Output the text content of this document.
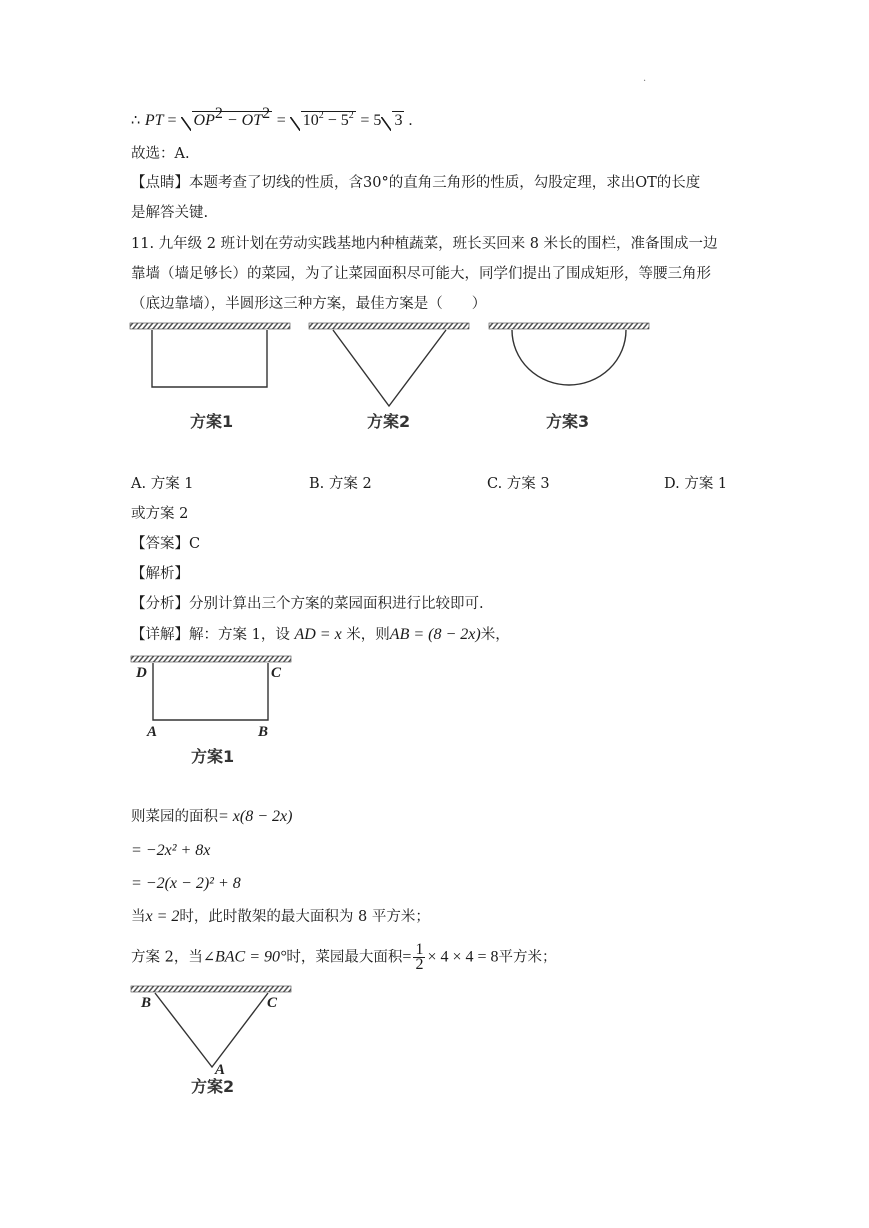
.
∴ PT = $OP^2 - OT^2 = 10^2 - 5^2 = 5$ 3 .
故选：A.
【点睛】本题考查了切线的性质，含30°的直角三角形的性质，勾股定理，求出OT的长度
是解答关键.
11. 九年级 2 班计划在劳动实践基地内种植蔬菜，班长买回来 8 米长的围栏，准备围成一边
靠墙（墙足够长）的菜园，为了让菜园面积尽可能大，同学们提出了围成矩形，等腰三角形
（底边靠墙），半圆形这三种方案，最佳方案是（　　）
方案1	方案2	方案3
A. 方案 1	B. 方案 2	C. 方案 3	D. 方案 1
或方案 2
【答案】C
【解析】
【分析】分别计算出三个方案的菜园面积进行比较即可.
【详解】解：方案 1，设 AD = x 米，则AB = (8 − 2x)米，
D	C
A	B
方案1
则菜园的面积= x(8 − 2x)
= −2x² + 8x
= −2(x − 2)² + 8
当x = 2时，此时散架的最大面积为 8 平方米；
方案 2，当∠BAC = 90°时，菜园最大面积= $\frac{1}{2} \times 4 \times 4 = 8$平方米；
B	C
A
方案2
